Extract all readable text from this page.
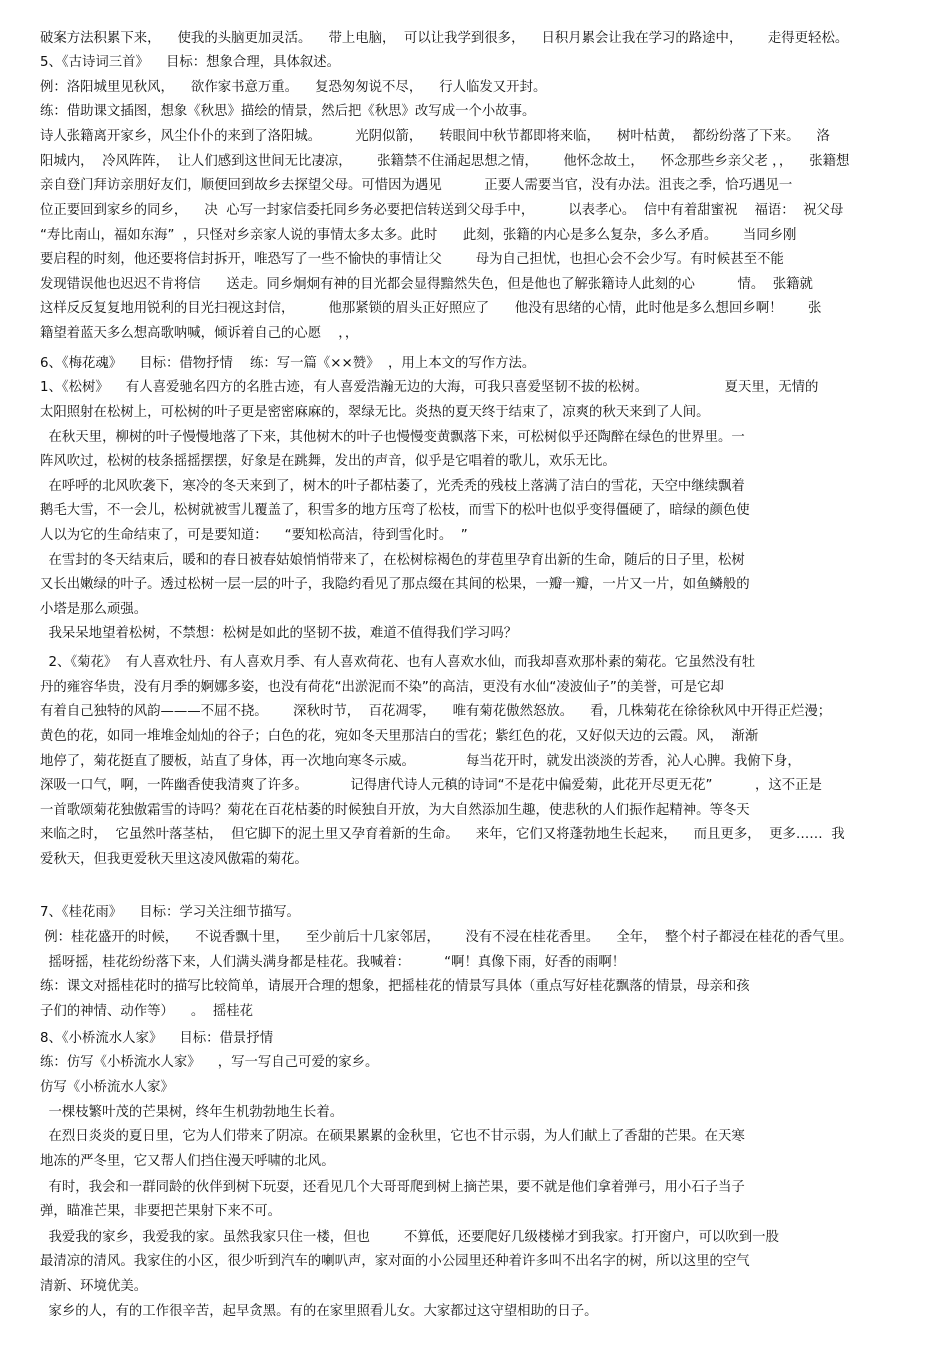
破案方法积累下来，    使我的头脑更加灵活。    带上电脑，  可以让我学到很多，    日积月累会让我在学习的路途中，      走得更轻松。
5、《古诗词三首》    目标：想象合理，具体叙述。
例：洛阳城里见秋风，    欲作家书意万重。    复恐匆匆说不尽，    行人临发又开封。
练：借助课文插图，想象《秋思》描绘的情景，然后把《秋思》改写成一个小故事。
诗人张籍离开家乡，风尘仆仆的来到了洛阳城。        光阴似箭，    转眼间中秋节都即将来临，    树叶枯黄，  都纷纷落了下来。    洛
阳城内，  冷风阵阵，  让人们感到这世间无比凄凉，      张籍禁不住涌起思想之情，      他怀念故土，    怀念那些乡亲父老 ，，    张籍想
亲自登门拜访亲朋好友们，顺便回到故乡去探望父母。可惜因为遇见          正要人需要当官，没有办法。沮丧之季，恰巧遇见一
位正要回到家乡的同乡，    决  心写一封家信委托同乡务必要把信转送到父母手中，        以表孝心。  信中有着甜蜜祝    福语：  祝父母
“寿比南山，福如东海”  ，只怪对乡亲家人说的事情太多太多。此时      此刻，张籍的内心是多么复杂，多么矛盾。      当同乡刚
要启程的时刻，他还要将信封拆开，唯恐写了一些不愉快的事情让父        母为自己担忧，也担心会不会少写。有时候甚至不能
发现错误他也迟迟不肯将信      送走。同乡炯炯有神的目光都会显得黯然失色，但是他也了解张籍诗人此刻的心          情。  张籍就
这样反反复复地用锐利的目光扫视这封信，        他那紧锁的眉头正好照应了      他没有思绪的心情，此时他是多么想回乡啊！      张
籍望着蓝天多么想高歌呐喊，倾诉着自己的心愿    ，，
6、《梅花魂》    目标：借物抒情    练：写一篇《××赞》  ，用上本文的写作方法。
1、《松树》    有人喜爱驰名四方的名胜古迹，有人喜爱浩瀚无边的大海，可我只喜爱坚韧不拔的松树。                  夏天里，无情的
太阳照射在松树上，可松树的叶子更是密密麻麻的，翠绿无比。炎热的夏天终于结束了，凉爽的秋天来到了人间。
在秋天里，柳树的叶子慢慢地落了下来，其他树木的叶子也慢慢变黄飘落下来，可松树似乎还陶醉在绿色的世界里。一
阵风吹过，松树的枝条摇摇摆摆，好象是在跳舞，发出的声音，似乎是它唱着的歌儿，欢乐无比。
在呼呼的北风吹袭下，寒冷的冬天来到了，树木的叶子都枯萎了，光秃秃的残枝上落满了洁白的雪花，天空中继续飘着
鹅毛大雪，不一会儿，松树就被雪儿覆盖了，积雪多的地方压弯了松枝，而雪下的松叶也似乎变得僵硬了，暗绿的颜色使
人以为它的生命结束了，可是要知道：    “要知松高洁，待到雪化时。  ”
在雪封的冬天结束后，暖和的春日被春姑娘悄悄带来了，在松树棕褐色的芽苞里孕育出新的生命，随后的日子里，松树
又长出嫩绿的叶子。透过松树一层一层的叶子，我隐约看见了那点缀在其间的松果，一瓣一瓣，一片又一片，如鱼鳞般的
小塔是那么顽强。
我呆呆地望着松树，不禁想：松树是如此的坚韧不拔，难道不值得我们学习吗？
2、《菊花》  有人喜欢牡丹、有人喜欢月季、有人喜欢荷花、也有人喜欢水仙，而我却喜欢那朴素的菊花。它虽然没有牡
丹的雍容华贵，没有月季的婀娜多姿，也没有荷花“出淤泥而不染”的高洁，更没有水仙“凌波仙子”的美誉，可是它却
有着自己独特的风韵———不屈不挠。      深秋时节，  百花凋零，    唯有菊花傲然怒放。    看，几株菊花在徐徐秋风中开得正烂漫；
黄色的花，如同一堆堆金灿灿的谷子；白色的花，宛如冬天里那洁白的雪花；紫红色的花，又好似天边的云霞。风，  渐渐
地停了，菊花挺直了腰板，站直了身体，再一次地向寒冬示威。            每当花开时，就发出淡淡的芳香，沁人心脾。我俯下身，
深吸一口气，啊，一阵幽香使我清爽了许多。          记得唐代诗人元稹的诗词“不是花中偏爱菊，此花开尽更无花”          ，这不正是
一首歌颂菊花独傲霜雪的诗吗？菊花在百花枯萎的时候独自开放，为大自然添加生趣，使悲秋的人们振作起精神。等冬天
来临之时，  它虽然叶落茎枯，  但它脚下的泥土里又孕育着新的生命。    来年，它们又将蓬勃地生长起来，    而且更多，  更多……  我
爱秋天，但我更爱秋天里这凌风傲霜的菊花。
7、《桂花雨》    目标：学习关注细节描写。
例：桂花盛开的时候，    不说香飘十里，    至少前后十几家邻居，      没有不浸在桂花香里。    全年，  整个村子都浸在桂花的香气里。
摇呀摇，桂花纷纷落下来，人们满头满身都是桂花。我喊着：        “啊！真像下雨，好香的雨啊！
练：课文对摇桂花时的描写比较简单，请展开合理的想象，把摇桂花的情景写具体（重点写好桂花飘落的情景，母亲和孩
子们的神情、动作等）    。  摇桂花
8、《小桥流水人家》    目标：借景抒情
练：仿写《小桥流水人家》    ，写一写自己可爱的家乡。
仿写《小桥流水人家》
一棵枝繁叶茂的芒果树，终年生机勃勃地生长着。
在烈日炎炎的夏日里，它为人们带来了阴凉。在硕果累累的金秋里，它也不甘示弱，为人们献上了香甜的芒果。在天寒
地冻的严冬里，它又帮人们挡住漫天呼啸的北风。
有时，我会和一群同龄的伙伴到树下玩耍，还看见几个大哥哥爬到树上摘芒果，要不就是他们拿着弹弓，用小石子当子
弹，瞄准芒果，非要把芒果射下来不可。
我爱我的家乡，我爱我的家。虽然我家只住一楼，但也        不算低，还要爬好几级楼梯才到我家。打开窗户，可以吹到一股
最清凉的清风。我家住的小区，很少听到汽车的喇叭声，家对面的小公园里还种着许多叫不出名字的树，所以这里的空气
清新、环境优美。
家乡的人，有的工作很辛苦，起早贪黑。有的在家里照看儿女。大家都过这守望相助的日子。
